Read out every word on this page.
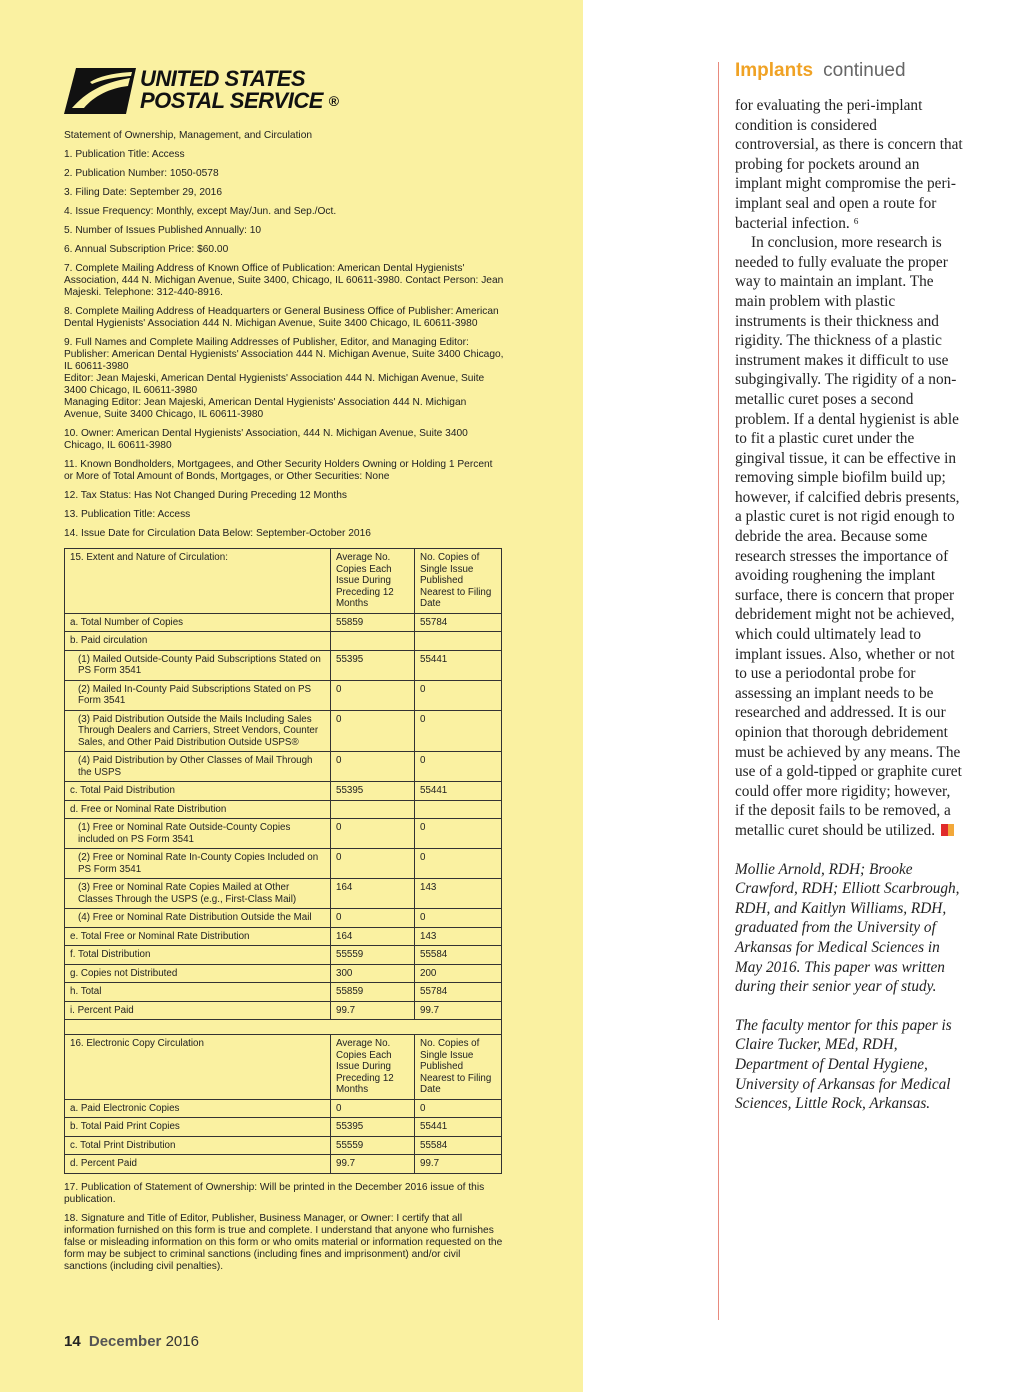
UNITED STATES
POSTAL SERVICE ®

Statement of Ownership, Management, and Circulation

1. Publication Title: Access

2. Publication Number: 1050-0578

3. Filing Date: September 29, 2016

4. Issue Frequency: Monthly, except May/Jun. and Sep./Oct.

5. Number of Issues Published Annually: 10

6. Annual Subscription Price: $60.00

7. Complete Mailing Address of Known Office of Publication: American Dental Hygienists' Association, 444 N. Michigan Avenue, Suite 3400, Chicago, IL 60611-3980. Contact Person: Jean Majeski. Telephone: 312-440-8916.

8. Complete Mailing Address of Headquarters or General Business Office of Publisher: American Dental Hygienists' Association 444 N. Michigan Avenue, Suite 3400 Chicago, IL 60611-3980

9. Full Names and Complete Mailing Addresses of Publisher, Editor, and Managing Editor:
Publisher: American Dental Hygienists' Association 444 N. Michigan Avenue, Suite 3400 Chicago, IL 60611-3980
Editor: Jean Majeski, American Dental Hygienists' Association 444 N. Michigan Avenue, Suite 3400 Chicago, IL 60611-3980
Managing Editor: Jean Majeski, American Dental Hygienists' Association 444 N. Michigan Avenue, Suite 3400 Chicago, IL 60611-3980

10. Owner: American Dental Hygienists' Association, 444 N. Michigan Avenue, Suite 3400 Chicago, IL 60611-3980

11. Known Bondholders, Mortgagees, and Other Security Holders Owning or Holding 1 Percent or More of Total Amount of Bonds, Mortgages, or Other Securities: None

12. Tax Status: Has Not Changed During Preceding 12 Months

13. Publication Title: Access

14. Issue Date for Circulation Data Below: September-October 2016

15. Extent and Nature of Circulation:	Average No. Copies Each Issue During Preceding 12 Months	No. Copies of Single Issue Published Nearest to Filing Date
a. Total Number of Copies	55859	55784
b. Paid circulation		
(1) Mailed Outside-County Paid Subscriptions Stated on PS Form 3541	55395	55441
(2) Mailed In-County Paid Subscriptions Stated on PS Form 3541	0	0
(3) Paid Distribution Outside the Mails Including Sales Through Dealers and Carriers, Street Vendors, Counter Sales, and Other Paid Distribution Outside USPS®	0	0
(4) Paid Distribution by Other Classes of Mail Through the USPS	0	0
c. Total Paid Distribution	55395	55441
d. Free or Nominal Rate Distribution		
(1) Free or Nominal Rate Outside-County Copies included on PS Form 3541	0	0
(2) Free or Nominal Rate In-County Copies Included on PS Form 3541	0	0
(3) Free or Nominal Rate Copies Mailed at Other Classes Through the USPS (e.g., First-Class Mail)	164	143
(4) Free or Nominal Rate Distribution Outside the Mail	0	0
e. Total Free or Nominal Rate Distribution	164	143
f. Total Distribution	55559	55584
g. Copies not Distributed	300	200
h. Total	55859	55784
i. Percent Paid	99.7	99.7

16. Electronic Copy Circulation	Average No. Copies Each Issue During Preceding 12 Months	No. Copies of Single Issue Published Nearest to Filing Date
a. Paid Electronic Copies	0	0
b. Total Paid Print Copies	55395	55441
c. Total Print Distribution	55559	55584
d. Percent Paid	99.7	99.7

17. Publication of Statement of Ownership: Will be printed in the December 2016 issue of this publication.

18. Signature and Title of Editor, Publisher, Business Manager, or Owner: I certify that all information furnished on this form is true and complete. I understand that anyone who furnishes false or misleading information on this form or who omits material or information requested on the form may be subject to criminal sanctions (including fines and imprisonment) and/or civil sanctions (including civil penalties).

14 December 2016
Implants continued

for evaluating the peri-implant condition is considered controversial, as there is concern that probing for pockets around an implant might compromise the peri-implant seal and open a route for bacterial infection. ⁶

In conclusion, more research is needed to fully evaluate the proper way to maintain an implant. The main problem with plastic instruments is their thickness and rigidity. The thickness of a plastic instrument makes it difficult to use subgingivally. The rigidity of a non-metallic curet poses a second problem. If a dental hygienist is able to fit a plastic curet under the gingival tissue, it can be effective in removing simple biofilm build up; however, if calcified debris presents, a plastic curet is not rigid enough to debride the area. Because some research stresses the importance of avoiding roughening the implant surface, there is concern that proper debridement might not be achieved, which could ultimately lead to implant issues. Also, whether or not to use a periodontal probe for assessing an implant needs to be researched and addressed. It is our opinion that thorough debridement must be achieved by any means. The use of a gold-tipped or graphite curet could offer more rigidity; however, if the deposit fails to be removed, a metallic curet should be utilized.

Mollie Arnold, RDH; Brooke Crawford, RDH; Elliott Scarbrough, RDH, and Kaitlyn Williams, RDH, graduated from the University of Arkansas for Medical Sciences in May 2016. This paper was written during their senior year of study.

The faculty mentor for this paper is Claire Tucker, MEd, RDH, Department of Dental Hygiene, University of Arkansas for Medical Sciences, Little Rock, Arkansas.
